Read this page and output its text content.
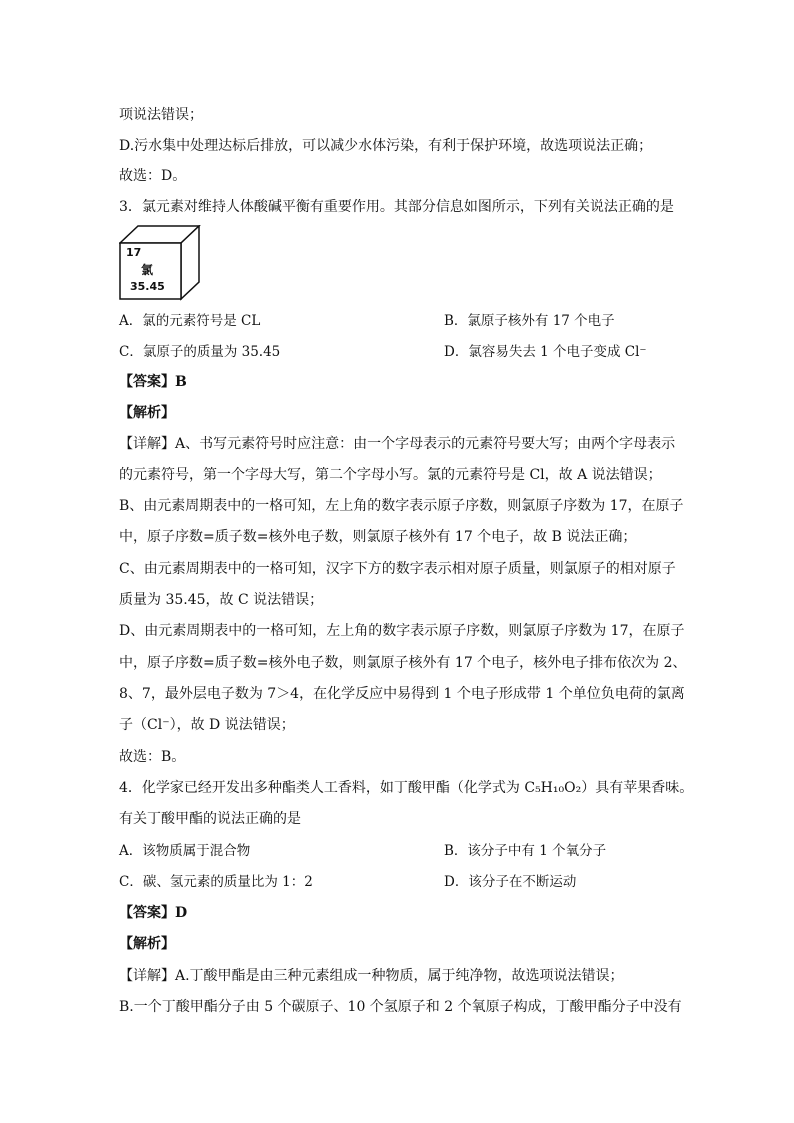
项说法错误；
D.污水集中处理达标后排放，可以减少水体污染，有利于保护环境，故选项说法正确；
故选：D。
3．氯元素对维持人体酸碱平衡有重要作用。其部分信息如图所示，下列有关说法正确的是
17
氯
35.45
A．氯的元素符号是 CL	B．氯原子核外有 17 个电子
C．氯原子的质量为 35.45	D．氯容易失去 1 个电子变成 Cl⁻
【答案】B
【解析】
【详解】A、书写元素符号时应注意：由一个字母表示的元素符号要大写；由两个字母表示
的元素符号，第一个字母大写，第二个字母小写。氯的元素符号是 Cl，故 A 说法错误；
B、由元素周期表中的一格可知，左上角的数字表示原子序数，则氯原子序数为 17，在原子
中，原子序数=质子数=核外电子数，则氯原子核外有 17 个电子，故 B 说法正确；
C、由元素周期表中的一格可知，汉字下方的数字表示相对原子质量，则氯原子的相对原子
质量为 35.45，故 C 说法错误；
D、由元素周期表中的一格可知，左上角的数字表示原子序数，则氯原子序数为 17，在原子
中，原子序数=质子数=核外电子数，则氯原子核外有 17 个电子，核外电子排布依次为 2、
8、7，最外层电子数为 7＞4，在化学反应中易得到 1 个电子形成带 1 个单位负电荷的氯离
子（Cl⁻），故 D 说法错误；
故选：B。
4．化学家已经开发出多种酯类人工香料，如丁酸甲酯（化学式为 C₅H₁₀O₂）具有苹果香味。
有关丁酸甲酯的说法正确的是
A．该物质属于混合物	B．该分子中有 1 个氧分子
C．碳、氢元素的质量比为 1：2	D．该分子在不断运动
【答案】D
【解析】
【详解】A.丁酸甲酯是由三种元素组成一种物质，属于纯净物，故选项说法错误；
B.一个丁酸甲酯分子由 5 个碳原子、10 个氢原子和 2 个氧原子构成，丁酸甲酯分子中没有
